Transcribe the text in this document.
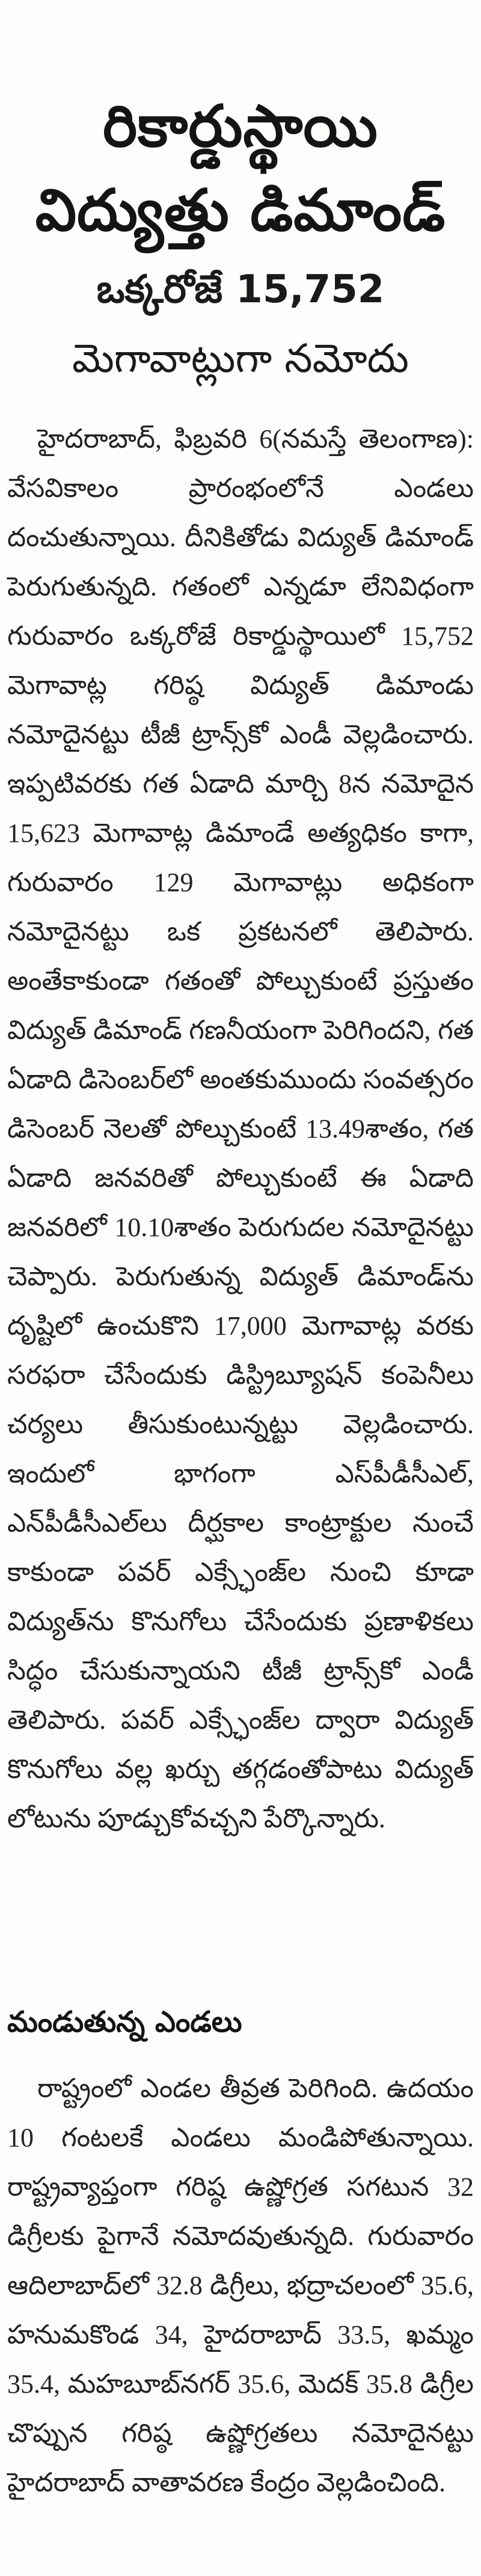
రికార్డుస్థాయి
విద్యుత్తు డిమాండ్
ఒక్కరోజే 15,752
మెగావాట్లుగా నమోదు

హైదరాబాద్, ఫిబ్రవరి 6(నమస్తే తెలంగాణ): వేసవికాలం ప్రారంభంలోనే ఎండలు దంచుతున్నాయి. దీనికితోడు విద్యుత్ డిమాండ్ పెరుగుతున్నది. గతంలో ఎన్నడూ లేనివిధంగా గురువారం ఒక్కరోజే రికార్డుస్థాయిలో 15,752 మెగావాట్ల గరిష్ఠ విద్యుత్ డిమాండు నమోదైనట్టు టీజీ ట్రాన్స్‌కో ఎండీ వెల్లడించారు. ఇప్పటివరకు గత ఏడాది మార్చి 8న నమోదైన 15,623 మెగావాట్ల డిమాండే అత్యధికం కాగా, గురువారం 129 మెగావాట్లు అధికంగా నమోదైనట్టు ఒక ప్రకటనలో తెలిపారు. అంతేకాకుండా గతంతో పోల్చుకుంటే ప్రస్తుతం విద్యుత్ డిమాండ్ గణనీయంగా పెరిగిందని, గత ఏడాది డిసెంబర్‌లో అంతకుముందు సంవత్సరం డిసెంబర్ నెలతో పోల్చుకుంటే 13.49శాతం, గత ఏడాది జనవరితో పోల్చుకుంటే ఈ ఏడాది జనవరిలో 10.10శాతం పెరుగుదల నమోదైనట్టు చెప్పారు. పెరుగుతున్న విద్యుత్ డిమాండ్‌ను దృష్టిలో ఉంచుకొని 17,000 మెగావాట్ల వరకు సరఫరా చేసేందుకు డిస్ట్రిబ్యూషన్ కంపెనీలు చర్యలు తీసుకుంటున్నట్టు వెల్లడించారు. ఇందులో భాగంగా ఎస్‌పీడీసీఎల్, ఎన్‌పీడీసీఎల్‌లు దీర్ఘకాల కాంట్రాక్టుల నుంచే కాకుండా పవర్ ఎక్స్ఛేంజ్‌ల నుంచి కూడా విద్యుత్‌ను కొనుగోలు చేసేందుకు ప్రణాళికలు సిద్ధం చేసుకున్నాయని టీజీ ట్రాన్స్‌కో ఎండీ తెలిపారు. పవర్ ఎక్స్ఛేంజ్‌ల ద్వారా విద్యుత్ కొనుగోలు వల్ల ఖర్చు తగ్గడంతోపాటు విద్యుత్ లోటును పూడ్చుకోవచ్చని పేర్కొన్నారు.

మండుతున్న ఎండలు

రాష్ట్రంలో ఎండల తీవ్రత పెరిగింది. ఉదయం 10 గంటలకే ఎండలు మండిపోతున్నాయి. రాష్ట్రవ్యాప్తంగా గరిష్ఠ ఉష్ణోగ్రత సగటున 32 డిగ్రీలకు పైగానే నమోదవుతున్నది. గురువారం ఆదిలాబాద్‌లో 32.8 డిగ్రీలు, భద్రాచలంలో 35.6, హనుమకొండ 34, హైదరాబాద్ 33.5, ఖమ్మం 35.4, మహబూబ్‌నగర్ 35.6, మెదక్ 35.8 డిగ్రీల చొప్పున గరిష్ఠ ఉష్ణోగ్రతలు నమోదైనట్టు హైదరాబాద్ వాతావరణ కేంద్రం వెల్లడించింది.
